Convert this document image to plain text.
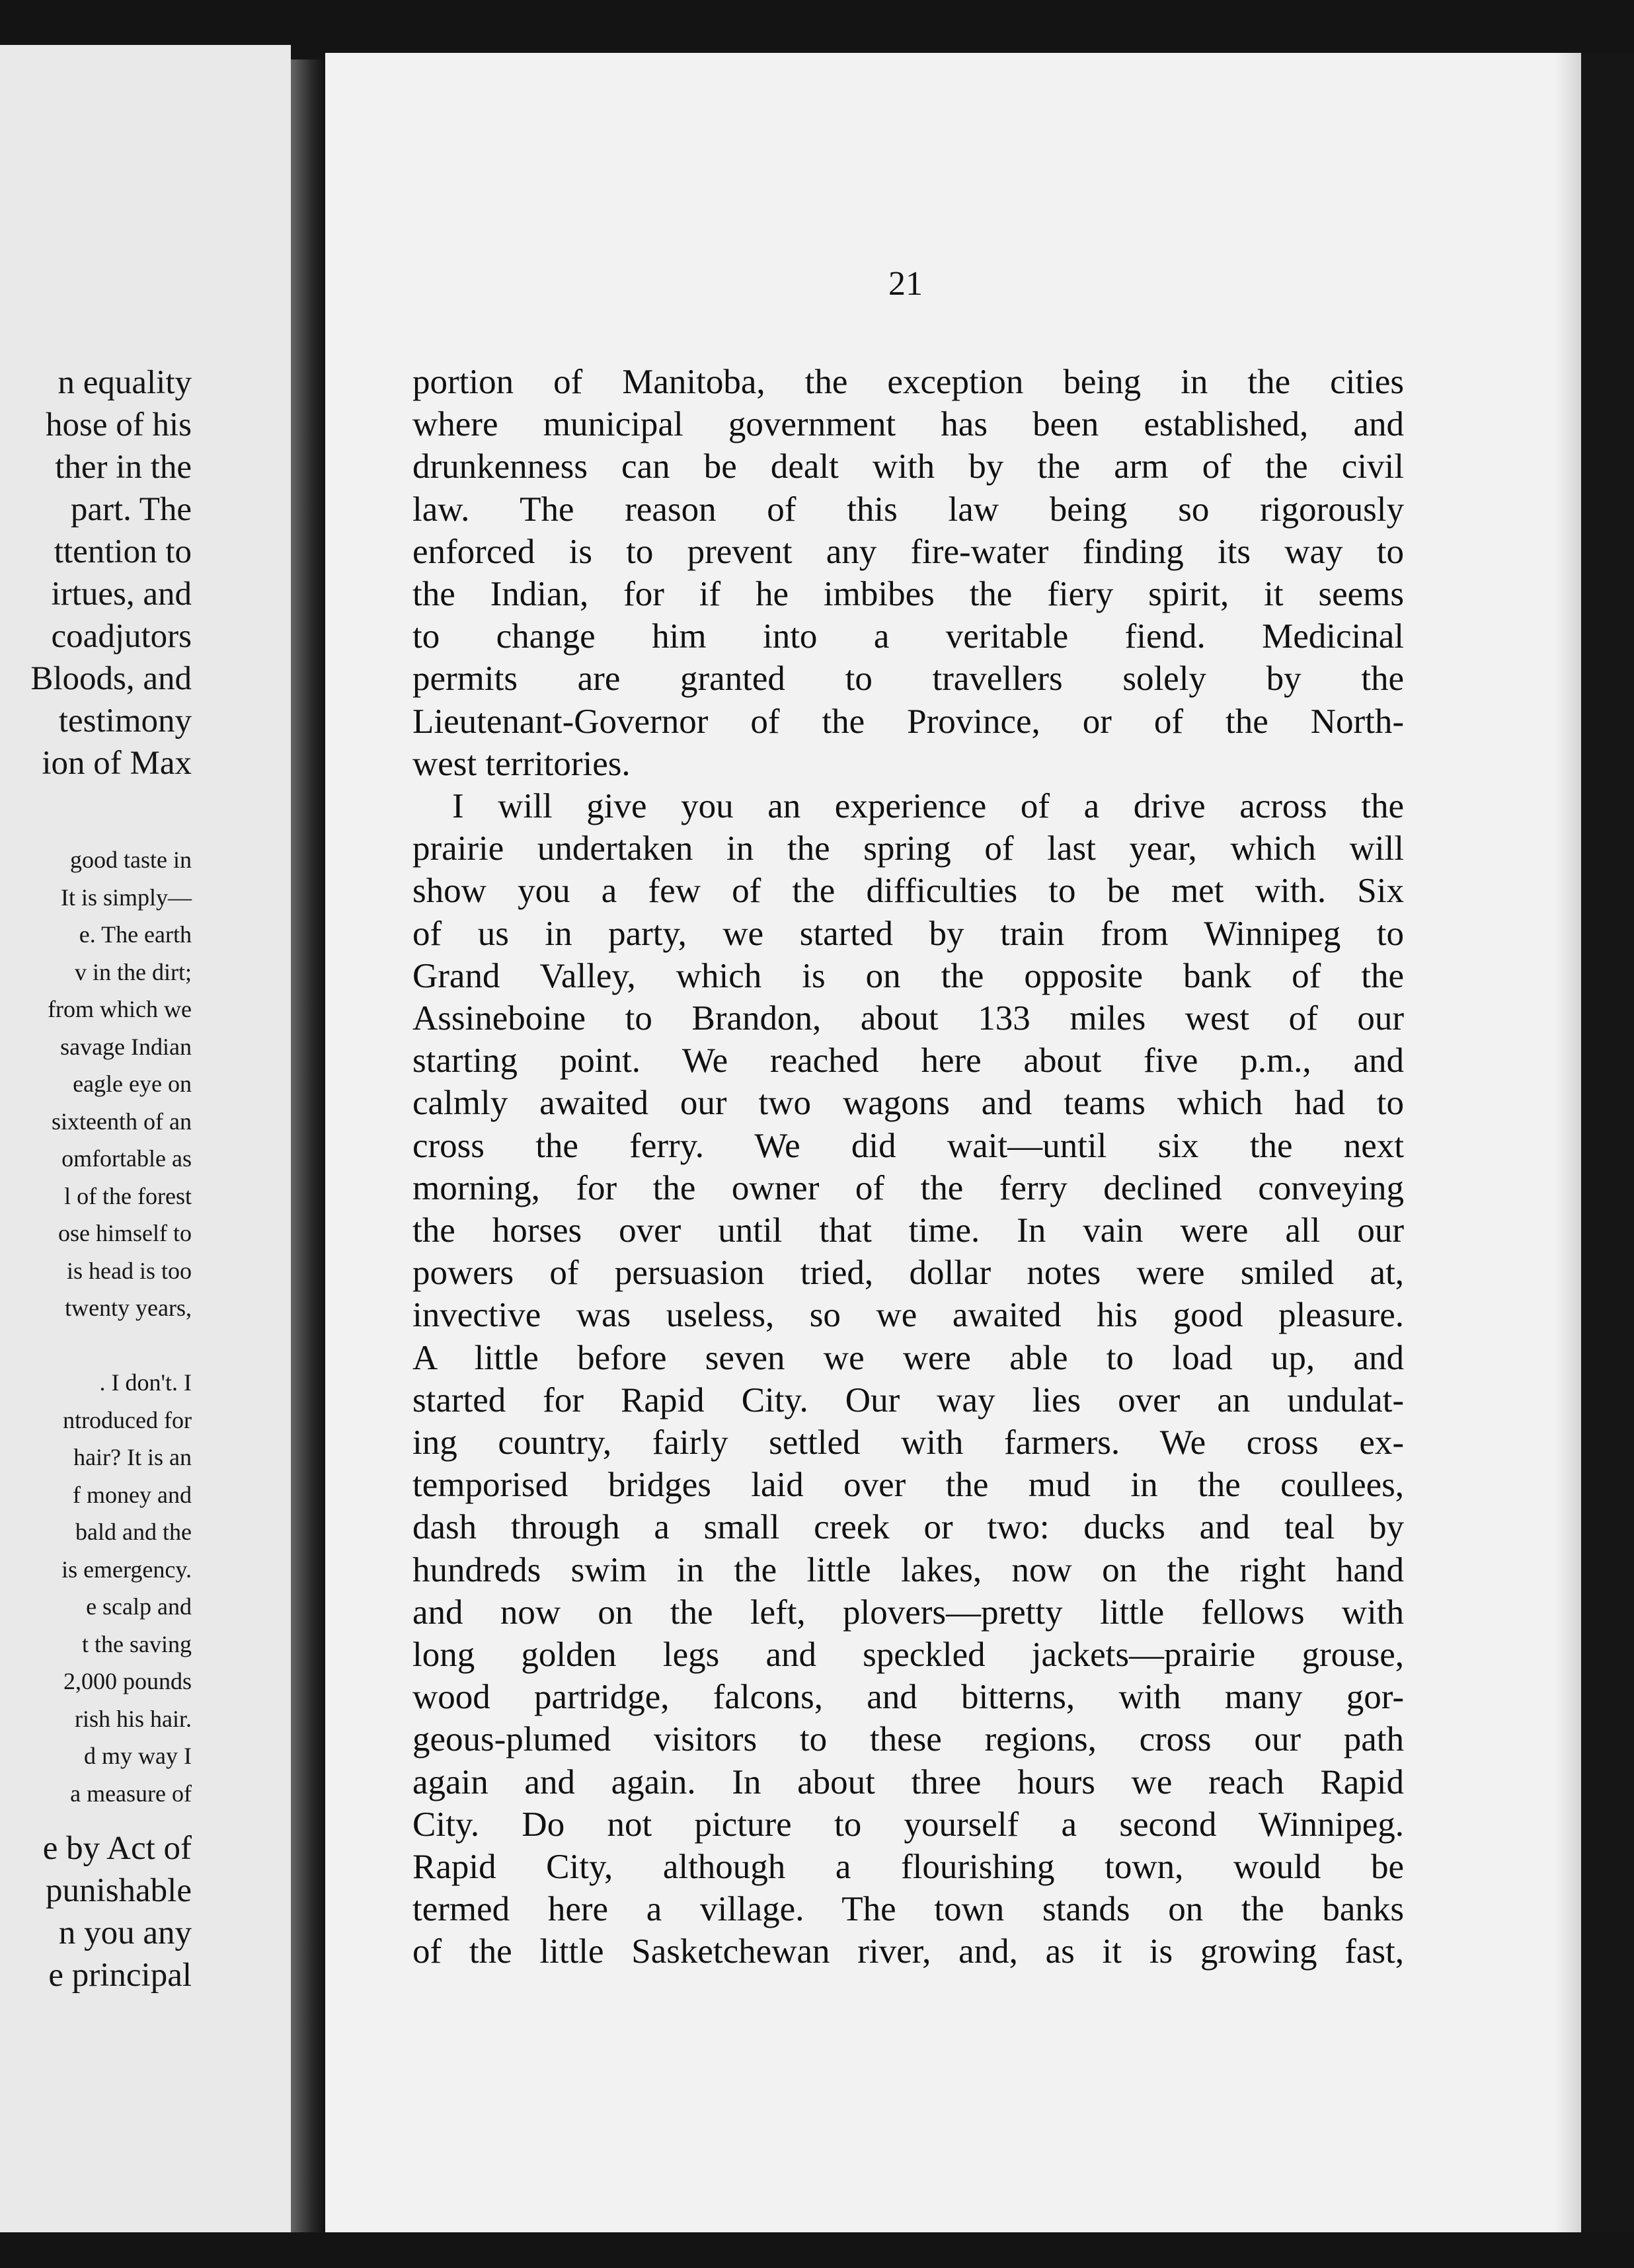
n equality
hose of his
ther in the
part. The
ttention to
irtues, and
coadjutors
Bloods, and
testimony
ion of Max
good taste in
It is simply—
e. The earth
v in the dirt;
from which we
savage Indian
eagle eye on
sixteenth of an
omfortable as
l of the forest
ose himself to
is head is too
twenty years,
. I don't. I
ntroduced for
hair? It is an
f money and
bald and the
is emergency.
e scalp and
t the saving
2,000 pounds
rish his hair.
d my way I
a measure of
e by Act of
punishable
n you any
e principal
21
portion of Manitoba, the exception being in the cities
where municipal government has been established, and
drunkenness can be dealt with by the arm of the civil
law. The reason of this law being so rigorously
enforced is to prevent any fire-water finding its way to
the Indian, for if he imbibes the fiery spirit, it seems
to change him into a veritable fiend. Medicinal
permits are granted to travellers solely by the
Lieutenant-Governor of the Province, or of the North-
west territories.
I will give you an experience of a drive across the
prairie undertaken in the spring of last year, which will
show you a few of the difficulties to be met with. Six
of us in party, we started by train from Winnipeg to
Grand Valley, which is on the opposite bank of the
Assineboine to Brandon, about 133 miles west of our
starting point. We reached here about five p.m., and
calmly awaited our two wagons and teams which had to
cross the ferry. We did wait—until six the next
morning, for the owner of the ferry declined conveying
the horses over until that time. In vain were all our
powers of persuasion tried, dollar notes were smiled at,
invective was useless, so we awaited his good pleasure.
A little before seven we were able to load up, and
started for Rapid City. Our way lies over an undulat-
ing country, fairly settled with farmers. We cross ex-
temporised bridges laid over the mud in the coullees,
dash through a small creek or two: ducks and teal by
hundreds swim in the little lakes, now on the right hand
and now on the left, plovers—pretty little fellows with
long golden legs and speckled jackets—prairie grouse,
wood partridge, falcons, and bitterns, with many gor-
geous-plumed visitors to these regions, cross our path
again and again. In about three hours we reach Rapid
City. Do not picture to yourself a second Winnipeg.
Rapid City, although a flourishing town, would be
termed here a village. The town stands on the banks
of the little Sasketchewan river, and, as it is growing fast,
